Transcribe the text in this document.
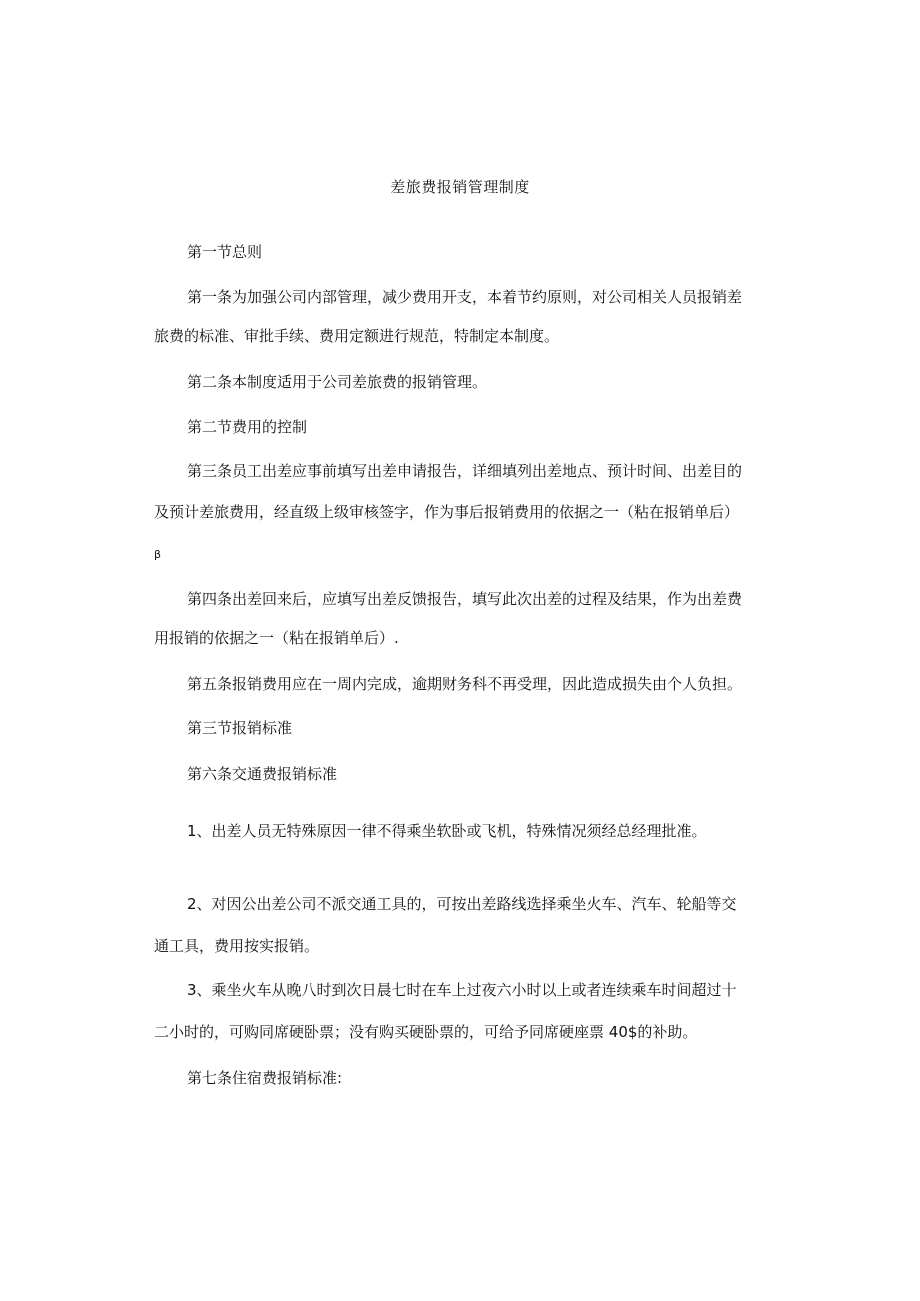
差旅费报销管理制度
第一节总则
第一条为加强公司内部管理，减少费用开支，本着节约原则，对公司相关人员报销差
旅费的标准、审批手续、费用定额进行规范，特制定本制度。
第二条本制度适用于公司差旅费的报销管理。
第二节费用的控制
第三条员工出差应事前填写出差申请报告，详细填列出差地点、预计时间、出差目的
及预计差旅费用，经直级上级审核签字，作为事后报销费用的依据之一（粘在报销单后）
β
第四条出差回来后，应填写出差反馈报告，填写此次出差的过程及结果，作为出差费
用报销的依据之一（粘在报销单后）.
第五条报销费用应在一周内完成，逾期财务科不再受理，因此造成损失由个人负担。
第三节报销标准
第六条交通费报销标准
1、出差人员无特殊原因一律不得乘坐软卧或飞机，特殊情况须经总经理批准。
2、对因公出差公司不派交通工具的，可按出差路线选择乘坐火车、汽车、轮船等交
通工具，费用按实报销。
3、乘坐火车从晚八时到次日晨七时在车上过夜六小时以上或者连续乘车时间超过十
二小时的，可购同席硬卧票；没有购买硬卧票的，可给予同席硬座票 40$的补助。
第七条住宿费报销标准:
